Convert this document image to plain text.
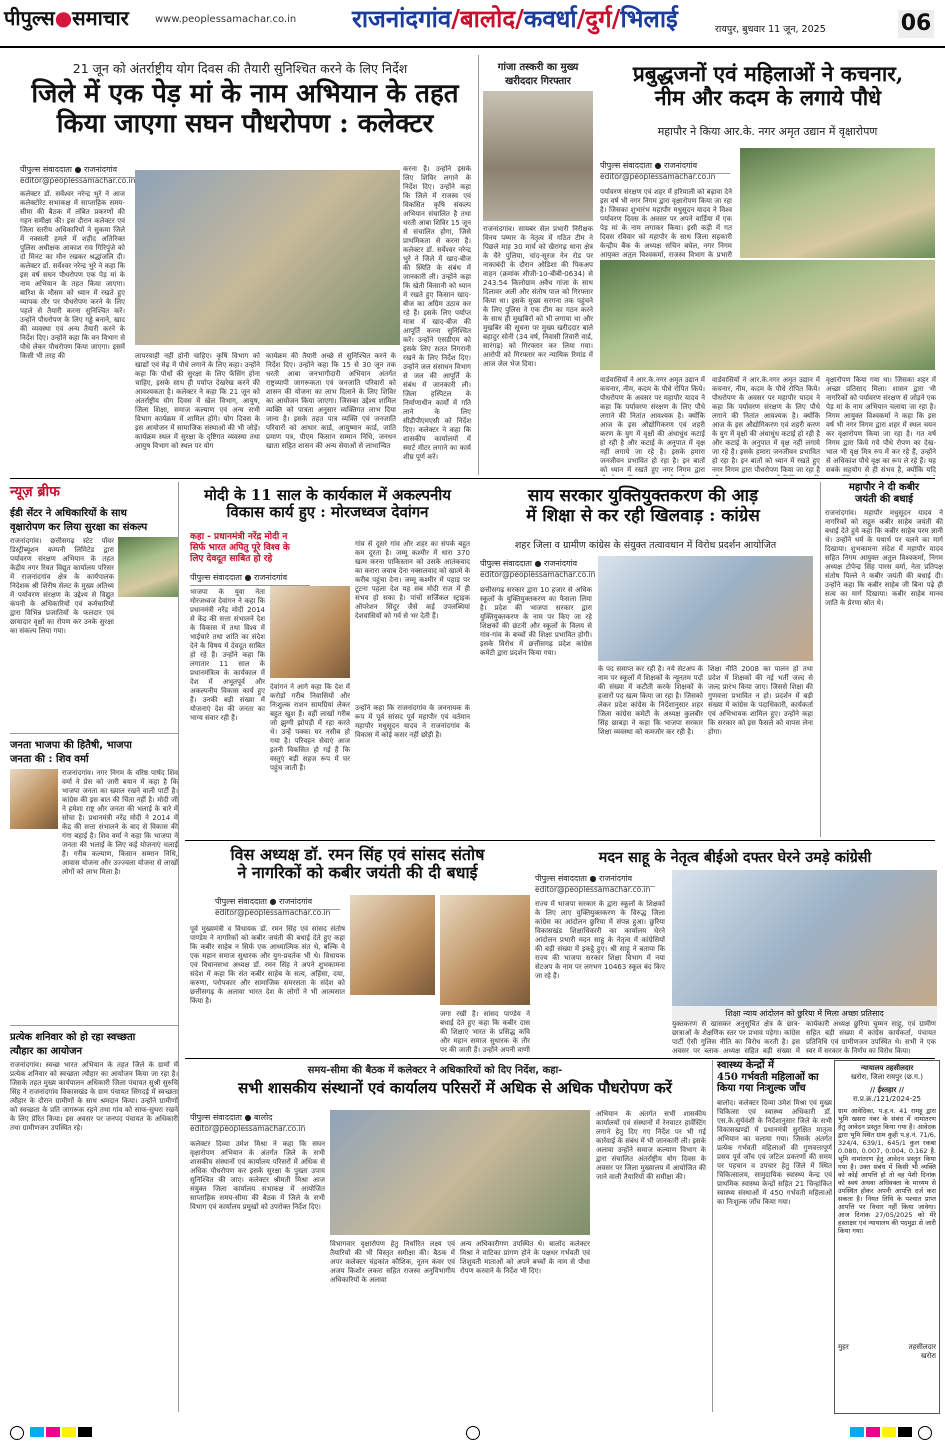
पीपुल्स●समाचार	www.peoplessamachar.co.in राजनांदगांव/बालोद/कवर्धा/दुर्ग/भिलाई	रायपुर, बुधवार 11 जून, 2025	06
21 जून को अंतर्राष्ट्रीय योग दिवस की तैयारी सुनिश्चित करने के लिए निर्देश
जिले में एक पेड़ मां के नाम अभियान के तहत
किया जाएगा सघन पौधरोपण : कलेक्टर
पीपुल्स संवाददाता ● राजनांदगांव
editor@peoplessamachar.co.in
कलेक्टर डॉ. सर्वेश्वर नरेन्द्र भुरे ने आज कलेक्टोरेट सभाकक्ष में साप्ताहिक समय-सीमा की बैठक में लंबित प्रकरणों की गहन समीक्षा की। इस दौरान कलेक्टर एवं जिला स्तरीय अधिकारियों ने सुकमा जिले में नक्सली हमले में शहीद अतिरिक्त पुलिस अधीक्षक आकाश राव गिरिपुंजे को दो मिनट का मौन रखकर श्रद्धांजलि दी। कलेक्टर डॉ. सर्वेश्वर नरेन्द्र भुरे ने कहा कि इस वर्ष सघन पौधरोपण एक पेड़ मां के नाम अभियान के तहत किया जाएगा। बारिश के मौसम को ध्यान में रखते हुए व्यापक तौर पर पौधरोपण करने के लिए पहले से तैयारी करना सुनिश्चित करें। उन्होंने पौधरोपण के लिए गड्ढे बनाने, खाद की व्यवस्था एवं अन्य तैयारी करने के निर्देश दिए। उन्होंने कहा कि वन विभाग से पौधे लेकर पौधरोपण किया जाएगा। इसमें किसी भी तरह की	लापरवाही नहीं होनी चाहिए। कृषि विभाग को खाद्यों एवं मेढ़ में पौधे लगाने के लिए कहा। उन्होंने कहा कि पौधों की सुरक्षा के लिए फेंसिंग होना चाहिए, इसके साथ ही पर्याप्त देखरेख करने की आवश्यकता है। कलेक्टर ने कहा कि 21 जून को अंतर्राष्ट्रीय योग दिवस में खेल विभाग, आयुष, जिला शिक्षा, समाज कल्याण एवं अन्य सभी विभाग कार्यक्रम में शामिल होंगे। योग दिवस के इस आयोजन में सामाजिक संस्थाओं की भी जोड़ें। कार्यक्रम स्थल में सुरक्षा के दृष्टिगत व्यवस्था तथा आयुष विभाग को स्थल पर योग
कार्यक्रम की तैयारी अच्छे से सुनिश्चित करने के निर्देश दिए। उन्होंने कहा कि 15 से 30 जून तक धरती आबा जनभागीदारी अभियान अंतर्गत राष्ट्रव्यापी जागरूकता एवं जनजाति परिवारों को शासन की योजना का लाभ दिलाने के लिए शिविर का आयोजन किया जाएगा। जिसका उद्देश्य शामिल व्यक्ति को पात्रता अनुसार व्यक्तिगत लाभ दिया जाना है। इसके तहत पात्र व्यक्ति एवं जनजाति परिवारों को आधार कार्ड, आयुष्मान कार्ड, जाति प्रमाण पत्र, पीएम किसान सम्मान निधि, जनधन खाता सहित शासन की अन्य सेवाओं से लाभान्वित
करना है। उन्होंने इसके लिए शिविर लगाने के निर्देश दिए। उन्होंने कहा कि जिले में राजस्व एवं विकसित कृषि संकल्प अभियान संचालित है तथा धरती आबा शिविर 15 जून से संचालित होगा, जिसे प्राथमिकता से करना है। कलेक्टर डॉ. सर्वेश्वर नरेन्द्र भुरे ने जिले में खाद-बीज की स्थिति के संबंध में जानकारी ली। उन्होंने कहा कि खेती किसानी को ध्यान में रखते हुए किसान खाद-बीज का अग्रिम उठाव कर रहे हैं। इसके लिए पर्याप्त मात्रा में खाद-बीज की आपूर्ति करना सुनिश्चित करें। उन्होंने एसडीएम को इसके लिए सतत निगरानी रखने के लिए निर्देश दिए। उन्होंने जल संसाधन विभाग से जल की आपूर्ति के संबंध में जानकारी ली। जिला हस्पिटल के निर्माणाधीन कार्यों में गति लाने के लिए सीडीपीएमएसी को निर्देश दिए। कलेक्टर ने कहा कि शासकीय कार्यालयों में स्मार्ट मीटर लगाने का कार्य शीघ्र पूर्ण करें।
गांजा तस्करी का मुख्य
खरीददार गिरफ्तार
राजनांदगांव। सायबर सेल प्रभारी निरीक्षक विनय पम्मार के नेतृत्व में गठित टीम ने पिछले माह 30 मार्च को खैरागढ़ थाना क्षेत्र के चैरे पुलिया, चांद-सूरज नेन रोड पर नाकाबंदी के दौरान ओडिशा की पिकअप वाहन (क्रमांक सीजी-10-बीबी-0634) से 243.54 किलोग्राम अवैध गांजा के साथ दिलावर अली और संतोष पाल को गिरफ्तार किया था। इसके मुख्य सरगना तक पहुंचने के लिए पुलिस ने एक टीम का गठन करने के साथ ही मुखबिरों को भी लगाया था और मुखबिर की सूचना पर मुख्य खरीददार बाले बहादुर सोनी (34 वर्ष, निवासी तिवारी वार्ड, सारंगढ़) को गिरफ्तार कर लिया गया। आरोपी को गिरफ्तार कर न्यायिक रिमांड में आज जेल भेज दिया।
प्रबुद्धजनों एवं महिलाओं ने कचनार,
नीम और कदम के लगाये पौधे
महापौर ने किया आर.के. नगर अमृत उद्यान में वृक्षारोपण
पीपुल्स संवाददाता ● राजनांदगांव
editor@peoplessamachar.co.in
पर्यावरण संरक्षण एवं शहर में हरियाली को बढ़ावा देने इस वर्ष भी नगर निगम द्वारा वृक्षारोपण किया जा रहा है। जिसका शुभारंभ महापौर मधुसूदन यादव ने विश्व पर्यावरण दिवस के अवसर पर अपने वार्डिया में एक पेड़ मां के नाम लगाकर किया। इसी कड़ी में गत दिवस रविवार को महापौर के साथ जिला सहकारी केन्द्रीय बैंक के अध्यक्ष सचिन बघेल, नगर निगम आयुक्त अतुल विश्वकर्मा, राजस्व विभाग के प्रभारी
वार्डवासियों ने आर.के.नगर अमृत उद्यान में कचनार, नीम, कदम के पौधे रोपित किये। पौधरोपण के अवसर पर महापौर यादव ने कहा कि पर्यावरण संरक्षण के लिए पौधे लगाने की नितांत आवश्यक है। क्योंकि आज के इस औद्योगिकरण एवं शहरी करण के युग में वृक्षों की अंधाधुंध कटाई हो रही है और कटाई के अनुपात में वृक्ष नहीं लगाये जा रहे है। इसके हमारा जनजीवन प्रभावित हो रहा है। इन बातों को ध्यान में रखते हुए नगर निगम द्वारा
वार्डवासियों ने आर.के.नगर अमृत उद्यान में कचनार, नीम, कदम के पौधे रोपित किये। पौधरोपण के अवसर पर महापौर यादव ने कहा कि पर्यावरण संरक्षण के लिए पौधे लगाने की नितांत आवश्यक है। क्योंकि आज के इस औद्योगिकरण एवं शहरी करण के युग में वृक्षों की अंधाधुंध कटाई हो रही है और कटाई के अनुपात में वृक्ष नहीं लगाये जा रहे है। इसके हमारा जनजीवन प्रभावित हो रहा है। इन बातों को ध्यान में रखते हुए नगर निगम द्वारा पौधरोपण किया जा रहा है
वृक्षारोपण किया गया था। जिसका शहर में अच्छा प्रतिसाद मिला। शासन द्वारा भी नागरिकों को पर्यावरण संरक्षण से जोड़ने एक पेड़ मां के नाम अभियान चलाया जा रहा है। निगम आयुक्त विश्वकर्मा ने कहा कि इस वर्ष भी नगर निगम द्वारा शहर में स्थल चयन कर वृक्षारोपण किया जा रहा है। गत वर्ष निगम द्वारा किये गये पौधे रोपण का देख-भाल भी वृक्ष मित्र रुप में कर रहे हैं, उन्होंने से अधिकांश पौधे वृक्ष का रूप ले रहे हैं। यह सबके सहयोग से ही संभव है, क्योंकि यदि
न्यूज़ ब्रीफ
ईडी सेंटर ने अधिकारियों के साथ
वृक्षारोपण कर लिया सुरक्षा का संकल्प
राजनांदगांव। छत्तीसगढ़ स्टेट पॉवर डिस्ट्रीब्यूशन कम्पनी लिमिटेड द्वारा पर्यावरण संरक्षण अभियान के तहत केंद्रीय नगर रिवत विद्युत कार्यालय परिसर में राजनांदगांव क्षेत्र के कार्यपालक निदेशक श्री शिरीष सेलट के मुख्य अतिथ्य में पर्यावरण संरक्षण के उद्देश्य से विद्युत कंपनी के अधिकारियों एवं कर्मचारियों द्वारा विभिन्न प्रजातियों के फलदार एवं छायादार वृक्षों का रोपण कर उनके सुरक्षा का संकल्प लिया गया।
जनता भाजपा की हितैषी, भाजपा
जनता की : शिव वर्मा
राजनांदगांव। नगर निगम के वरिष्ठ पार्षद शिव वर्मा ने प्रेस को जारी बयान में कहा है कि भाजपा जनता का ख्याल रखने वाली पार्टी है। कांग्रेस की इस बात की चिंता नहीं है। मोदी जी ने हमेशा राष्ट्र और जनता की भलाई के बारे में सोचा है। प्रधानमंत्री नरेंद्र मोदी ने 2014 में केंद्र की सत्ता संभालने के बाद से विकास की गंगा बहाई है। शिव वर्मा ने कहा कि भाजपा ने जनता की भलाई के लिए कई योजनाएं चलाई हैं। गरीब कल्याण, किसान सम्मान निधि, आवास योजना और उज्ज्वला योजना से लाखों लोगों को लाभ मिला है।
प्रत्येक शनिवार को हो रहा स्वच्छता
त्यौहार का आयोजन
राजनांदगांव। स्वच्छ भारत अभियान के तहत जिले के ग्रामों में प्रत्येक शनिवार को स्वच्छता त्यौहार का आयोजन किया जा रहा है। जिसके तहत मुख्य कार्यपालन अधिकारी जिला पंचायत सुश्री सुरुचि सिंह ने राजनांदगांव विकासखंड के ग्राम पंचायत सिंगदई में स्वच्छता त्यौहार के दौरान ग्रामीणों के साथ श्रमदान किया। उन्होंने ग्रामीणों को स्वच्छता के प्रति जागरूक रहने तथा गांव को साफ-सुथरा रखने के लिए प्रेरित किया। इस अवसर पर जनपद पंचायत के अधिकारी तथा ग्रामीणजन उपस्थित रहे।
मोदी के 11 साल के कार्यकाल में अकल्पनीय
विकास कार्य हुए : मोरजध्वज देवांगन
कहा - प्रधानमंत्री नरेंद्र मोदी न
सिर्फ भारत अपितु पूरे विश्व के
लिए देवदूत साबित हो रहे
पीपुल्स संवाददाता ● राजनांदगांव
भाजपा के युवा नेता मोरजध्वज देवांगन ने कहा कि प्रधानमंत्री नरेंद्र मोदी 2014 से केंद्र की सत्ता संभालने देश के विकास में तथा विश्व में भाईचारे तथा शांति का संदेश देने के विषय में देवदूत साबित हो रहे हैं। उन्होंने कहा कि लगातार 11 साल के प्रधानमंत्रित्व के कार्यकाल में देश में अभूतपूर्व और अकल्पनीय विकास कार्य हुए हैं। उनकी बड़ी संख्या में योजनाएं देश की जनता का भाग्य संवार रही हैं।
देवांगन ने आगे कहा कि देश में करोड़ों गरीब निवासियों और निःशुल्क राशन सामग्रियां लेकर बहुत खुश हैं। वहीं लाखों गरीब जो झुग्गी झोपड़ी में रहा करते थे। उन्हें पक्का घर नसीब हो गया है। परिवहन सेवाएं आज इतनी विकसित हो गई हैं कि वस्तुएं बड़ी सहज रूप में घर पहुंच जाती हैं।
गांव से दूसरे गांव और शहर का संपर्क बहुत कम दूरता है। जम्मू कश्मीर में धारा 370 खत्म करना पाकिस्तान को उसके आतंकवाद का करारा जवाब देना नक्सलवाद को खात्मे के करीब पहुंचा देना। जम्मू कश्मीर में पहाड़ पर टूटना पहला देश यह सब मोदी राज में ही संभव हो सका है। पांचों सर्जिकल स्ट्राइक ऑपरेशन सिंदूर जैसे कई उपलब्धियां देशवासियों को गर्व से भर देती हैं।
उन्होंने कहा कि राजनांदगांव के जननायक के रूप में पूर्व सांसद पूर्व महापौर एवं वर्तमान महापौर मधुसूदन यादव ने राजनांदगांव के विकास में कोई कसर नहीं छोड़ी है।
साय सरकार युक्तियुक्तकरण की आड़
में शिक्षा से कर रही खिलवाड़ : कांग्रेस
शहर जिला व ग्रामीण कांग्रेस के संयुक्त तत्वावधान में विरोध प्रदर्शन आयोजित
पीपुल्स संवाददाता ● राजनांदगांव
editor@peoplessamachar.co.in
छत्तीसगढ़ सरकार द्वारा 10 हजार से अधिक स्कूलों के युक्तियुक्तकरण का फैसला लिया है। प्रदेश की भाजपा सरकार द्वारा युक्तियुक्तकरण के नाम पर किए जा रहे शिक्षकों की छंटनी और स्कूलों के विलय से गांव-गांव के बच्चों की शिक्षा प्रभावित होगी। इसके विरोध में छत्तीसगढ़ प्रदेश कांग्रेस कमेटी द्वारा प्रदर्शन किया गया।
के पद समाप्त कर रही है। नये सेटअप के नाम पर स्कूलों में शिक्षकों के न्यूनतम पदों की संख्या में कटौती करके शिक्षकों के हजारों पद खत्म किया जा रहा है। जिसको लेकर प्रदेश कांग्रेस के निर्देशानुसार शहर जिला कांग्रेस कमेटी के अध्यक्ष कुलबीर सिंह छाबड़ा ने कहा कि भाजपा सरकार शिक्षा व्यवस्था को कमजोर कर रही है।
शिक्षा नीति 2008 का पालन हो तथा प्रदेश में शिक्षकों की नई भर्ती जल्द से जल्द प्रारंभ किया जाए। जिससे शिक्षा की गुणवत्ता प्रभावित न हो। प्रदर्शन में बड़ी संख्या में कांग्रेस के पदाधिकारी, कार्यकर्ता एवं अभिभावक शामिल हुए। उन्होंने कहा कि सरकार को इस फैसले को वापस लेना होगा।
महापौर ने दी कबीर
जयंती की बधाई
राजनांदगांव। महापौर मधुसूदन यादव ने नागरिकों को सद्गुरु कबीर साहेब जयंती की बधाई देते हुये कहा कि कबीर साहेब परम ज्ञानी थे। उन्होंने धर्म के यथार्थ पर चलने का मार्ग दिखाया। शुभकामना संदेश में महापौर यादव सहित निगम आयुक्त अतुल विश्वकर्मा, निगम अध्यक्ष टोपेन्द्र सिंह पारस वर्मा, नेता प्रतिपक्ष संतोष पिल्ले ने कबीर जयंती की बधाई दी। उन्होंने कहा कि कबीर साहेब जी बिना पढ़े ही सत्य का मार्ग दिखाया। कबीर साहेब मानव जाति के प्रेरणा स्रोत थे।
विस अध्यक्ष डॉ. रमन सिंह एवं सांसद संतोष
ने नागरिकों को कबीर जयंती की दी बधाई
पीपुल्स संवाददाता ● राजनांदगांव
editor@peoplessamachar.co.in
पूर्व मुख्यमंत्री व विधायक डॉ. रमन सिंह एवं सांसद संतोष पाण्डेय ने नागरिकों को कबीर जयंती की बधाई देते हुए कहा कि कबीर साहेब न सिर्फ एक आध्यात्मिक संत थे, बल्कि वे एक महान समाज सुधारक और युग-प्रवर्तक भी थे। विधायक एवं विधानसभा अध्यक्ष डॉ. रमन सिंह ने अपने शुभकामना संदेश में कहा कि संत कबीर साहेब के सत्य, अहिंसा, दया, करुणा, परोपकार और सामाजिक समरसता के संदेश को छत्तीसगढ़ के अलावा भारत देश के लोगों ने भी आत्मसात किया है।
जगा रखी है। सांसद पाण्डेय ने बधाई देते हुए कहा कि कबीर दास की शिक्षाएं भारत के प्रसिद्ध कवि और महान समाज सुधारक के तौर पर की जाती हैं। उन्होंने अपनी वाणी
मदन साहू के नेतृत्व बीईओ दफ्तर घेरने उमड़े कांग्रेसी
पीपुल्स संवाददाता ● राजनांदगांव
editor@peoplessamachar.co.in
शिक्षा न्याय आंदोलन को छुरिया में मिला अच्छा प्रतिसाद
राज्य में भाजपा सरकार के द्वारा स्कूलों के शिक्षकों के लिए लाए युक्तियुक्तकरण के विरुद्ध जिला कांग्रेस का आंदोलन छुरिया में संपन्न हुआ। छुरिया विकासखंड शिक्षाधिकारी का कार्यालय घेरने आंदोलन प्रभारी मदन साहू के नेतृत्व में कांग्रेसियों की बड़ी संख्या में इकट्ठे हुए। श्री साहू ने बताया कि राज्य की भाजपा सरकार शिक्षा विभाग में नया सेटअप के नाम पर लगभग 10463 स्कूल बंद किए जा रहे हैं।
युक्तकरण से खासकर अनुसूचित क्षेत्र के छात्र-छात्राओं के शैक्षणिक स्तर पर प्रभाव पड़ेगा। कांग्रेस पार्टी ऐसी गुलिस नीति का विरोध करती है। इस अवसर पर ब्लाक अध्यक्ष सहित बड़ी संख्या में
कार्यकारी अध्यक्ष छुरिया चुम्मन साहू, एवं ग्रामीण सहित बड़ी संख्या में कांग्रेस कार्यकर्ता, पंचायत प्रतिनिधि एवं ग्रामीणजन उपस्थित थे। सभी ने एक स्वर में सरकार के निर्णय का विरोध किया।
समय-सीमा की बैठक में कलेक्टर ने अधिकारियों को दिए निर्देश, कहा-
सभी शासकीय संस्थानों एवं कार्यालय परिसरों में अधिक से अधिक पौधरोपण करें
पीपुल्स संवाददाता ● बालोद
editor@peoplessamachar.co.in
कलेक्टर दिव्या उमेश मिश्रा ने कहा कि सघन वृक्षारोपण अभियान के अंतर्गत जिले के सभी शासकीय संस्थानों एवं कार्यालय परिसरों में अधिक से अधिक पौधरोपण कर इसके सुरक्षा के पुख्ता उपाय सुनिश्चित की जाए। कलेक्टर श्रीमती मिश्रा आज संयुक्त जिला कार्यालय सभाकक्ष में आयोजित साप्ताहिक समय-सीमा की बैठक में जिले के सभी विभाग एवं कार्यालय प्रमुखों को उपरोक्त निर्देश दिए।
विभागवार वृक्षारोपण हेतु निर्धारित लक्ष्य एवं तैयारियों की भी विस्तृत समीक्षा की। बैठक में अपर कलेक्टर चंद्रकांत कौशिक, नूतन कंवर एवं अजय किशोर लकरा सहित राजस्व अनुविभागीय अधिकारियों के अलावा
अन्य अधिकारीगण उपस्थित थे। बालोद कलेक्टर मिश्रा ने वाटिका प्रांगण होने के पक्षधर गर्भवती एवं शिशुवती माताओं को अपने बच्चों के नाम से पौधा रोपण करवाने के निर्देश भी दिए।
अभियान के अंतर्गत सभी शासकीय कार्यालयों एवं संस्थानों में रेनवाटर हार्वेस्टिंग लगाने हेतु दिए गए निर्देश पर भी गई कार्रवाई के संबंध में भी जानकारी ली। इसके अलावा उन्होंने समाज कल्याण विभाग के द्वारा संचालित अंतर्राष्ट्रीय योग दिवस के अवसर पर जिला मुख्यालय में आयोजित की जाने वाली तैयारियों की समीक्षा की।
स्वास्थ्य केन्द्रों में
450 गर्भवती महिलाओं का
किया गया निःशुल्क जाँच
बालोद। कलेक्टर दिव्या उमेश मिश्रा एवं मुख्य चिकित्सा एवं स्वास्थ्य अधिकारी डॉ. एस.के.सुर्यवंशी के निर्देशानुसार जिले के सभी विकासखण्डों में प्रधानमंत्री सुरक्षित मातृत्व अभियान का चलाया गया। जिसके अंतर्गत प्रत्येक गर्भवती महिलाओं की गुणवत्तापूर्ण प्रसव पूर्व जाँच एवं जटिल प्रकरणों की समय पर पहचान व उपचार हेतु जिले में स्थित चिकित्सालय, सामुदायिक स्वास्थ्य केन्द्र एवं प्राथमिक स्वास्थ्य केन्द्रों सहित 21 चिन्हांकित स्वास्थ्य संस्थाओं में 450 गर्भवती महिलाओं का निःशुल्क जाँच किया गया।
न्यायालय तहसीलदार
खरोरा, जिला रायपुर (छ.ग.)
// ईश्तहार //
रा.प्र.क्र./121/2024-25
ग्राम आवेदिका, प.ह.न. 41 रामहू द्वारा भूमि खसरा नंबर के संबंध में नामांतरण हेतु आवेदन प्रस्तुत किया गया है। आवेदक द्वारा भूमि स्थित ग्राम कुही प.ह.नं. 71/6, 324/4, 639/1, 645/1 कुल रकबा 0.080, 0.007, 0.004, 0.162 है. भूमि नामांतरण हेतु आवेदन प्रस्तुत किया गया है। उक्त संबंध में किसी भी व्यक्ति को कोई आपत्ति हो तो वह पेशी दिनांक को स्वयं अथवा अधिवक्ता के माध्यम से उपस्थित होकर अपनी आपत्ति दर्ज करा सकता है। नियत तिथि के पश्चात प्राप्त आपत्ति पर विचार नहीं किया जावेगा। आज दिनांक 27/05/2025 को मेरे हस्ताक्षर एवं न्यायालय की पदमुद्रा से जारी किया गया।
मुहर	तहसीलदार
खरोरा
